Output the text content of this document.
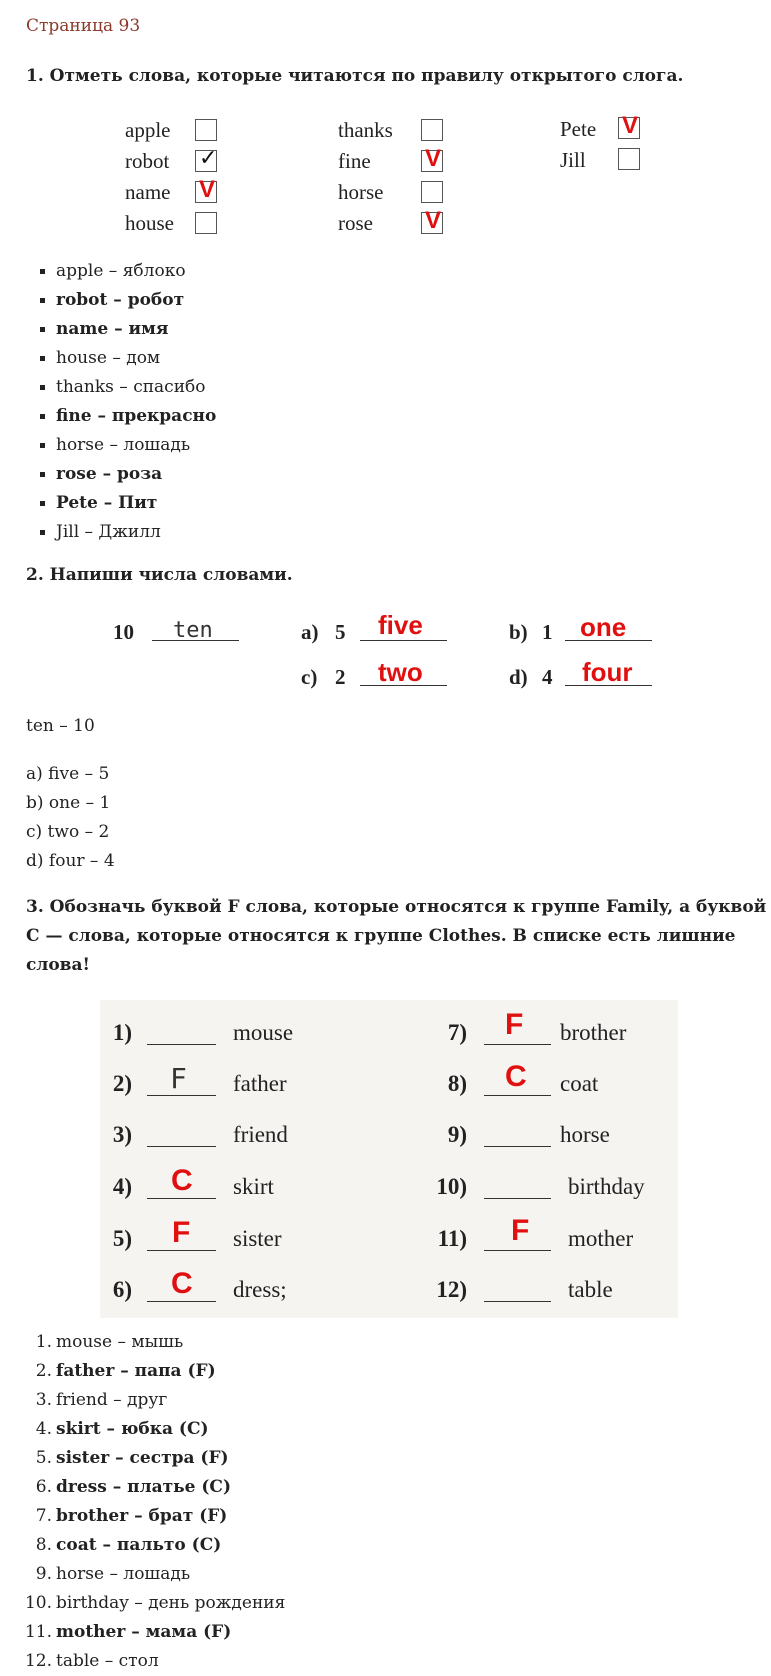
Страница 93
1. Отметь слова, которые читаются по правилу открытого слога.
apple
robot ✓
name V
house
thanks
fine V
horse
rose V
Pete V
Jill
apple – яблоко
robot – робот
name – имя
house – дом
thanks – спасибо
fine – прекрасно
horse – лошадь
rose – роза
Pete – Пит
Jill – Джилл
2. Напиши числа словами.
10 ten	a) 5 five	b) 1 one
c) 2 two	d) 4 four
ten – 10
a) five – 5
b) one – 1
c) two – 2
d) four – 4
3. Обозначь буквой F слова, которые относятся к группе Family, а буквой
C — слова, которые относятся к группе Clothes. В списке есть лишние
слова!
1)	mouse
2) F father
3)	friend
4) C skirt
5) F sister
6) C dress;
7) F brother
8) C coat
9)	horse
10)	birthday
11) F mother
12)	table
1. mouse – мышь
2. father – папа (F)
3. friend – друг
4. skirt – юбка (C)
5. sister – сестра (F)
6. dress – платье (C)
7. brother – брат (F)
8. coat – пальто (C)
9. horse – лошадь
10. birthday – день рождения
11. mother – мама (F)
12. table – стол
